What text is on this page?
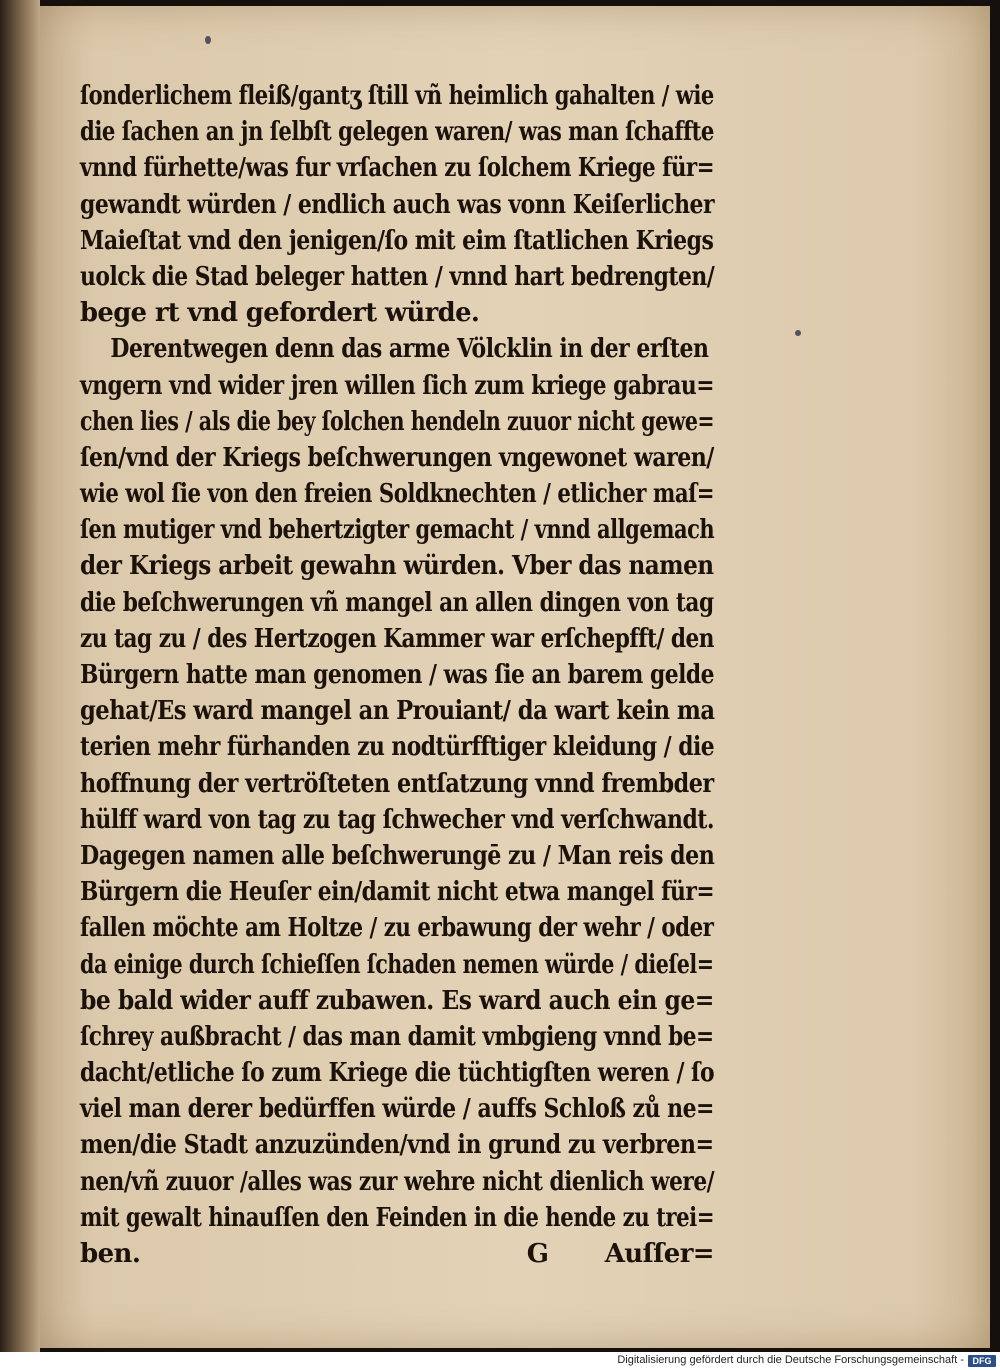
ſonderlichem fleiß/gantʒ ſtill vñ heimlich gahalten / wie
die ſachen an jn ſelbſt gelegen waren/ was man ſchaffte
vnnd fürhette/was fur vrſachen zu ſolchem Kriege für=
gewandt würden / endlich auch was vonn Keiſerlicher
Maieſtat vnd den jenigen/ſo mit eim ſtatlichen Kriegs
uolck die Stad beleger hatten / vnnd hart bedrengten/
bege rt vnd gefordert würde.
Derentwegen denn das arme Völcklin in der erſten
vngern vnd wider jren willen ſich zum kriege gabrau=
chen lies / als die bey ſolchen hendeln zuuor nicht gewe=
ſen/vnd der Kriegs beſchwerungen vngewonet waren/
wie wol ſie von den freien Soldknechten / etlicher maſ=
ſen mutiger vnd behertzigter gemacht / vnnd allgemach
der Kriegs arbeit gewahn würden. Vber das namen
die beſchwerungen vñ mangel an allen dingen von tag
zu tag zu / des Hertzogen Kammer war erſchepfft/ den
Bürgern hatte man genomen / was ſie an barem gelde
gehat/Es ward mangel an Prouiant/ da wart kein ma
terien mehr fürhanden zu nodtürfftiger kleidung / die
hoffnung der vertröſteten entſatzung vnnd frembder
hülff ward von tag zu tag ſchwecher vnd verſchwandt.
Dagegen namen alle beſchwerungē zu / Man reis den
Bürgern die Heuſer ein/damit nicht etwa mangel für=
fallen möchte am Holtze / zu erbawung der wehr / oder
da einige durch ſchieſſen ſchaden nemen würde / dieſel=
be bald wider auff zubawen. Es ward auch ein ge=
ſchrey außbracht / das man damit vmbgieng vnnd be=
dacht/etliche ſo zum Kriege die tüchtigſten weren / ſo
viel man derer bedürffen würde / auffs Schloß zů ne=
men/die Stadt anzuzünden/vnd in grund zu verbren=
nen/vñ zuuor /alles was zur wehre nicht dienlich were/
mit gewalt hinauſſen den Feinden in die hende zu trei=
ben.	G Auſſer=
Digitalisierung gefördert durch die Deutsche Forschungsgemeinschaft - DFG
